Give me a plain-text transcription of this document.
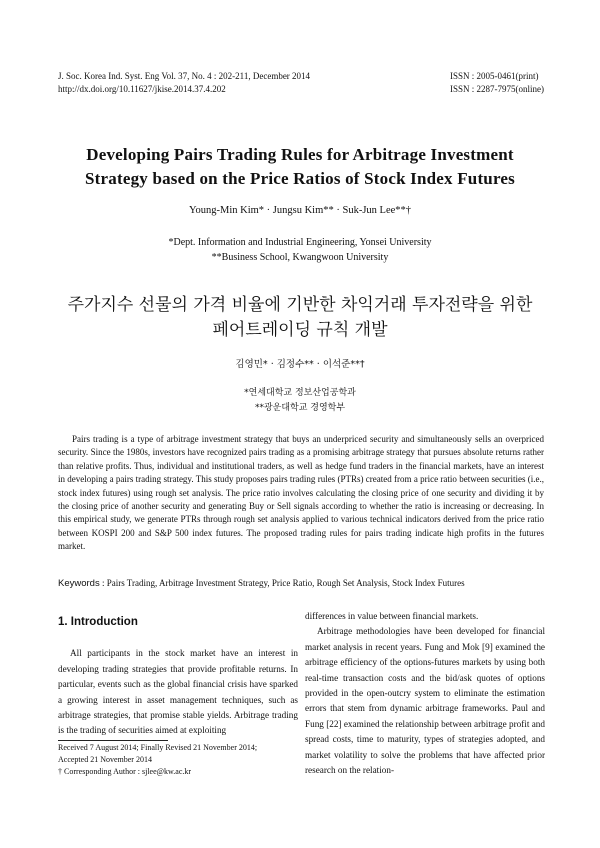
J. Soc. Korea Ind. Syst. Eng Vol. 37, No. 4 : 202-211, December 2014
http://dx.doi.org/10.11627/jkise.2014.37.4.202
ISSN : 2005-0461(print)
ISSN : 2287-7975(online)
Developing Pairs Trading Rules for Arbitrage Investment
Strategy based on the Price Ratios of Stock Index Futures
Young-Min Kim* · Jungsu Kim** · Suk-Jun Lee**†
*Dept. Information and Industrial Engineering, Yonsei University
**Business School, Kwangwoon University
주가지수 선물의 가격 비율에 기반한 차익거래 투자전략을 위한
페어트레이딩 규칙 개발
김영민* · 김정수** · 이석준**†
*연세대학교 정보산업공학과
**광운대학교 경영학부

Pairs trading is a type of arbitrage investment strategy that buys an underpriced security and simultaneously sells an overpriced security. Since the 1980s, investors have recognized pairs trading as a promising arbitrage strategy that pursues absolute returns rather than relative profits. Thus, individual and institutional traders, as well as hedge fund traders in the financial markets, have an interest in developing a pairs trading strategy. This study proposes pairs trading rules (PTRs) created from a price ratio between securities (i.e., stock index futures) using rough set analysis. The price ratio involves calculating the closing price of one security and dividing it by the closing price of another security and generating Buy or Sell signals according to whether the ratio is increasing or decreasing. In this empirical study, we generate PTRs through rough set analysis applied to various technical indicators derived from the price ratio between KOSPI 200 and S&P 500 index futures. The proposed trading rules for pairs trading indicate high profits in the futures market.

Keywords : Pairs Trading, Arbitrage Investment Strategy, Price Ratio, Rough Set Analysis, Stock Index Futures
1. Introduction

All participants in the stock market have an interest in developing trading strategies that provide profitable returns. In particular, events such as the global financial crisis have sparked a growing interest in asset management techniques, such as arbitrage strategies, that promise stable yields. Arbitrage trading is the trading of securities aimed at exploiting

differences in value between financial markets.

Arbitrage methodologies have been developed for financial market analysis in recent years. Fung and Mok [9] examined the arbitrage efficiency of the options-futures markets by using both real-time transaction costs and the bid/ask quotes of options provided in the open-outcry system to eliminate the estimation errors that stem from dynamic arbitrage frameworks. Paul and Fung [22] examined the relationship between arbitrage profit and spread costs, time to maturity, types of strategies adopted, and market volatility to solve the problems that have affected prior research on the relation-

Received 7 August 2014; Finally Revised 21 November 2014;
Accepted 21 November 2014
† Corresponding Author : sjlee@kw.ac.kr
